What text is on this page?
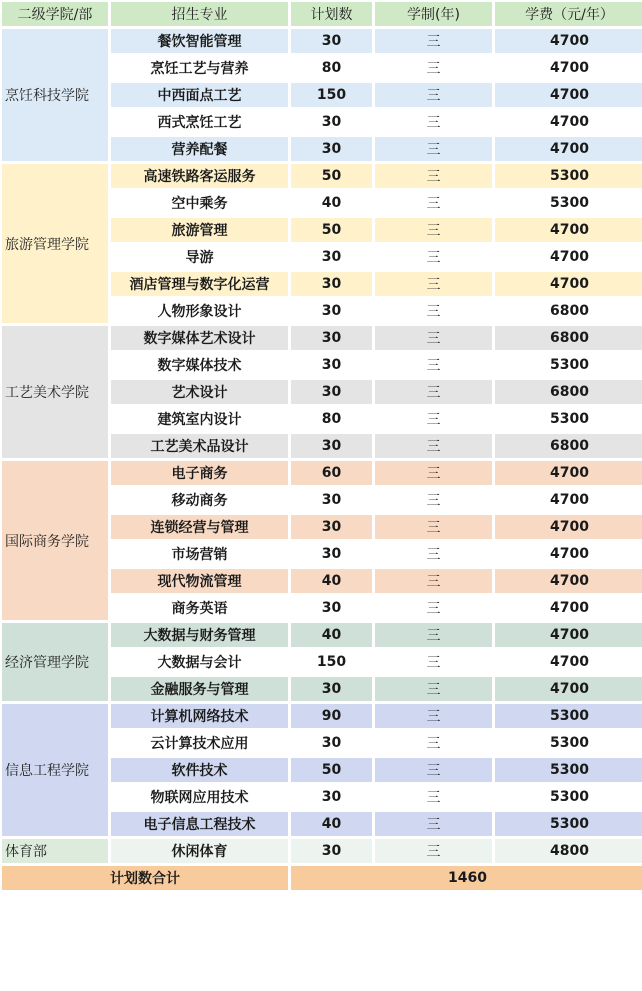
二级学院/部	招生专业	计划数	学制(年)	学费（元/年）
烹饪科技学院	餐饮智能管理	30	三	4700
	烹饪工艺与营养	80	三	4700
	中西面点工艺	150	三	4700
	西式烹饪工艺	30	三	4700
	营养配餐	30	三	4700
旅游管理学院	高速铁路客运服务	50	三	5300
	空中乘务	40	三	5300
	旅游管理	50	三	4700
	导游	30	三	4700
	酒店管理与数字化运营	30	三	4700
	人物形象设计	30	三	6800
工艺美术学院	数字媒体艺术设计	30	三	6800
	数字媒体技术	30	三	5300
	艺术设计	30	三	6800
	建筑室内设计	80	三	5300
	工艺美术品设计	30	三	6800
国际商务学院	电子商务	60	三	4700
	移动商务	30	三	4700
	连锁经营与管理	30	三	4700
	市场营销	30	三	4700
	现代物流管理	40	三	4700
	商务英语	30	三	4700
经济管理学院	大数据与财务管理	40	三	4700
	大数据与会计	150	三	4700
	金融服务与管理	30	三	4700
信息工程学院	计算机网络技术	90	三	5300
	云计算技术应用	30	三	5300
	软件技术	50	三	5300
	物联网应用技术	30	三	5300
	电子信息工程技术	40	三	5300
体育部	休闲体育	30	三	4800
计划数合计		1460		
